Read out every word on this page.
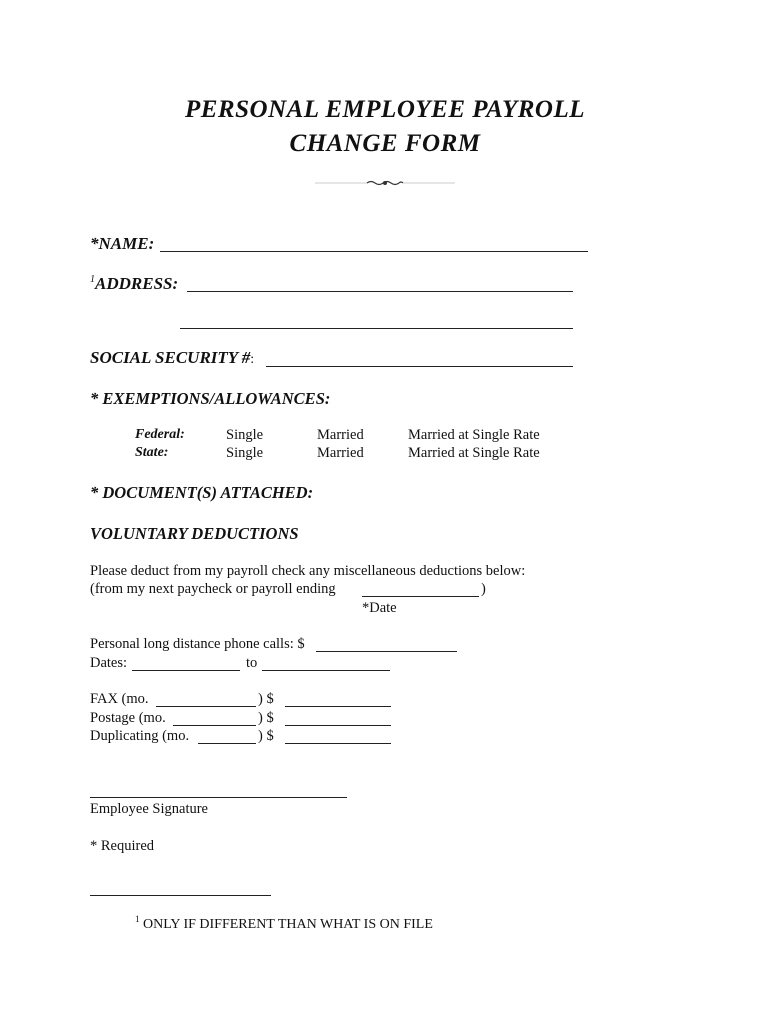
PERSONAL EMPLOYEE PAYROLL
CHANGE FORM
*NAME:
$^1$ADDRESS:
SOCIAL SECURITY #:
* EXEMPTIONS/ALLOWANCES:
Federal:	Single	Married	Married at Single Rate
State:	Single	Married	Married at Single Rate
* DOCUMENT(S) ATTACHED:
VOLUNTARY DEDUCTIONS
Please deduct from my payroll check any miscellaneous deductions below:
(from my next paycheck or payroll ending	)
*Date
Personal long distance phone calls: $
Dates:	to
FAX (mo.	) $
Postage (mo.	) $
Duplicating (mo.	) $
Employee Signature
* Required
$^1$ ONLY IF DIFFERENT THAN WHAT IS ON FILE
